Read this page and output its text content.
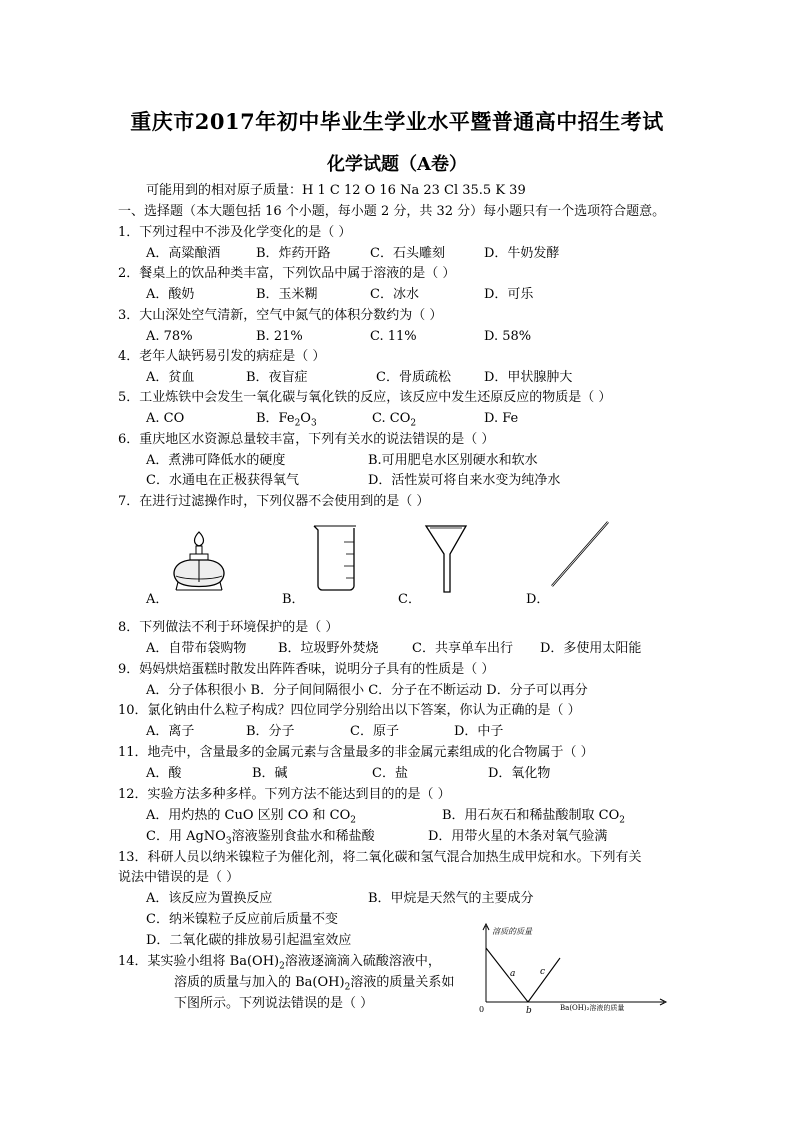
重庆市2017年初中毕业生学业水平暨普通高中招生考试
化学试题（A卷）
可能用到的相对原子质量：H 1 C 12 O 16 Na 23 Cl 35.5 K 39
一、选择题（本大题包括 16 个小题，每小题 2 分，共 32 分）每小题只有一个选项符合题意。
1．下列过程中不涉及化学变化的是（ ）
A．高粱酿酒	B．炸药开路	C．石头雕刻	D．牛奶发酵
2．餐桌上的饮品种类丰富，下列饮品中属于溶液的是（ ）
A．酸奶	B．玉米糊	C．冰水	D．可乐
3．大山深处空气清新，空气中氮气的体积分数约为（ ）
A. 78%	B. 21%	C. 11%	D. 58%
4．老年人缺钙易引发的病症是（ ）
A．贫血	B．夜盲症	C．骨质疏松	D．甲状腺肿大
5．工业炼铁中会发生一氧化碳与氧化铁的反应，该反应中发生还原反应的物质是（ ）
A. CO	B．$Fe_2O_3$	C. $CO_2$	D. Fe
6．重庆地区水资源总量较丰富，下列有关水的说法错误的是（ ）
A．煮沸可降低水的硬度	B.可用肥皂水区别硬水和软水
C．水通电在正极获得氧气	D．活性炭可将自来水变为纯净水
7．在进行过滤操作时，下列仪器不会使用到的是（ ）
A．	B．	C．	D．
8．下列做法不利于环境保护的是（ ）
A．自带布袋购物 B．垃圾野外焚烧	C．共享单车出行 D．多使用太阳能
9．妈妈烘焙蛋糕时散发出阵阵香味，说明分子具有的性质是（ ）
A．分子体积很小 B．分子间间隔很小 C．分子在不断运动 D．分子可以再分
10．氯化钠由什么粒子构成？四位同学分别给出以下答案，你认为正确的是（ ）
A．离子	B．分子	C．原子	D．中子
11．地壳中，含量最多的金属元素与含量最多的非金属元素组成的化合物属于（ ）
A．酸	B．碱	C．盐	D．氧化物
12．实验方法多种多样。下列方法不能达到目的的是（ ）
A．用灼热的 CuO 区别 CO 和 $CO_2$	B．用石灰石和稀盐酸制取 $CO_2$
C．用 AgNO$_3$溶液鉴别食盐水和稀盐酸	D．用带火星的木条对氧气验满
13．科研人员以纳米镍粒子为催化剂，将二氧化碳和氢气混合加热生成甲烷和水。下列有关
说法中错误的是（ ）
A．该反应为置换反应	B．甲烷是天然气的主要成分
C．纳米镍粒子反应前后质量不变
D．二氧化碳的排放易引起温室效应
14．某实验小组将 $Ba(OH)_2$溶液逐滴滴入硫酸溶液中，
溶质的质量与加入的 $Ba(OH)_2$溶液的质量关系如
下图所示。下列说法错误的是（ ）
溶质的质量
0
a
b
c
Ba(OH)₂溶液的质量
